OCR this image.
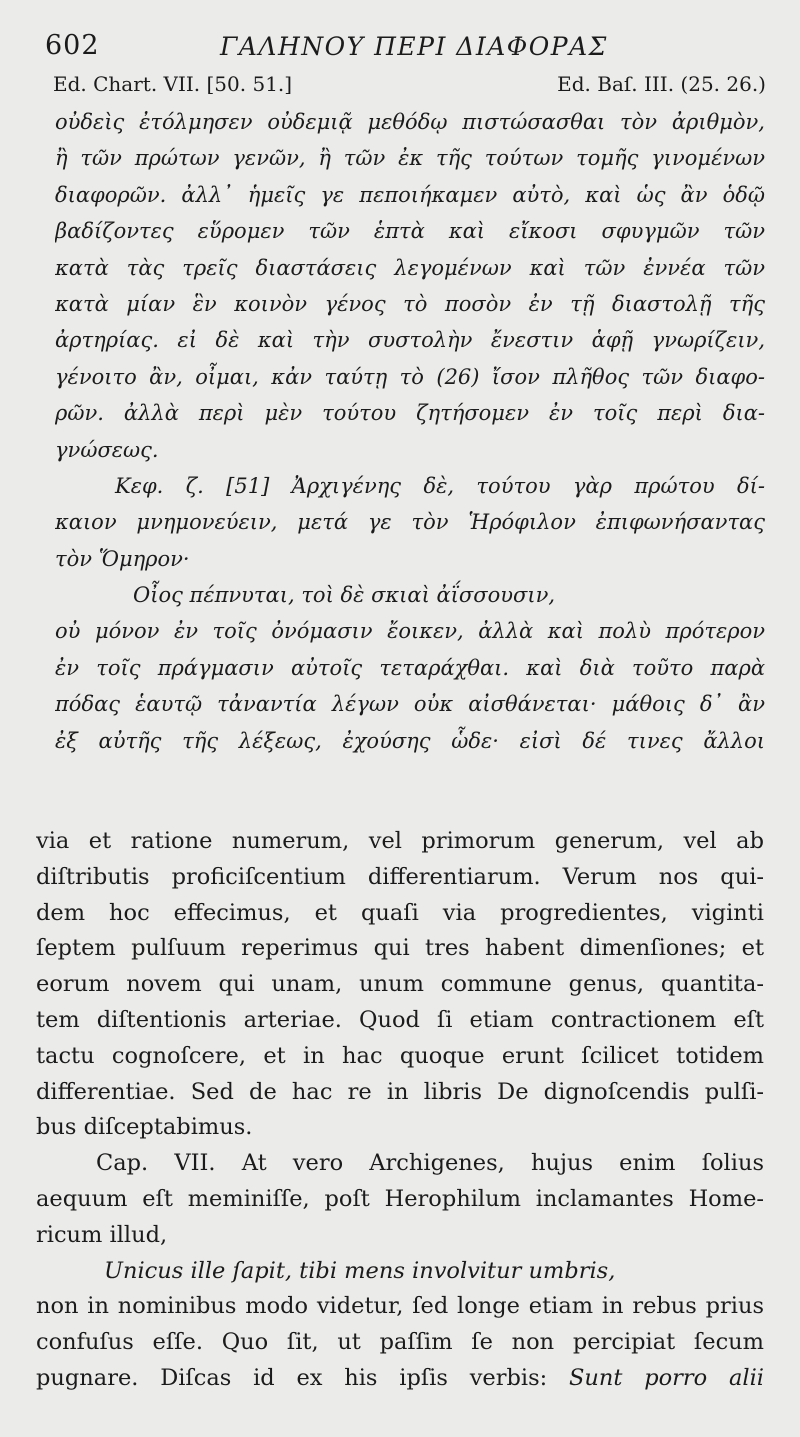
602	ΓΑΛΗΝΟΥ ΠΕΡΙ ΔΙΑΦΟΡΑΣ
Ed. Chart. VII. [50. 51.]	Ed. Baſ. III. (25. 26.)
οὐδεὶς ἐτόλμησεν οὐδεμιᾷ μεθόδῳ πιστώσασθαι τὸν ἀριθμὸν,
ἢ τῶν πρώτων γενῶν, ἢ τῶν ἐκ τῆς τούτων τομῆς γινομένων
διαφορῶν. ἀλλ᾽ ἡμεῖς γε πεποιήκαμεν αὐτὸ, καὶ ὡς ἂν ὁδῷ
βαδίζοντες εὕρομεν τῶν ἑπτὰ καὶ εἴκοσι σφυγμῶν τῶν
κατὰ τὰς τρεῖς διαστάσεις λεγομένων καὶ τῶν ἐννέα τῶν
κατὰ μίαν ἓν κοινὸν γένος τὸ ποσὸν ἐν τῇ διαστολῇ τῆς
ἀρτηρίας. εἰ δὲ καὶ τὴν συστολὴν ἔνεστιν ἁφῇ γνωρίζειν,
γένοιτο ἂν, οἶμαι, κἀν ταύτῃ τὸ (26) ἴσον πλῆθος τῶν διαφο-
ρῶν. ἀλλὰ περὶ μὲν τούτου ζητήσομεν ἐν τοῖς περὶ δια-
γνώσεως.
Κεφ. ζ. [51] Ἀρχιγένης δὲ, τούτου γὰρ πρώτου δί-
καιον μνημονεύειν, μετά γε τὸν Ἡρόφιλον ἐπιφωνήσαντας
τὸν Ὅμηρον·
Οἶος πέπνυται, τοὶ δὲ σκιαὶ ἀΐσσουσιν,
οὐ μόνον ἐν τοῖς ὀνόμασιν ἔοικεν, ἀλλὰ καὶ πολὺ πρότερον
ἐν τοῖς πράγμασιν αὐτοῖς τεταράχθαι. καὶ διὰ τοῦτο παρὰ
πόδας ἑαυτῷ τἀναντία λέγων οὐκ αἰσθάνεται· μάθοις δ᾽ ἂν
ἐξ αὐτῆς τῆς λέξεως, ἐχούσης ὧδε· εἰσὶ δέ τινες ἄλλοι
via et ratione numerum, vel primorum generum, vel ab
diſtributis proficiſcentium differentiarum. Verum nos qui-
dem hoc effecimus, et quaſi via progredientes, viginti
ſeptem pulſuum reperimus qui tres habent dimenſiones; et
eorum novem qui unam, unum commune genus, quantita-
tem diſtentionis arteriae. Quod ſi etiam contractionem eſt
tactu cognoſcere, et in hac quoque erunt ſcilicet totidem
differentiae. Sed de hac re in libris De dignoſcendis pulſi-
bus diſceptabimus.
Cap. VII. At vero Archigenes, hujus enim ſolius
aequum eſt meminiſſe, poſt Herophilum inclamantes Home-
ricum illud,
Unicus ille ſapit, tibi mens involvitur umbris,
non in nominibus modo videtur, ſed longe etiam in rebus prius
confuſus eſſe. Quo ſit, ut paſſim ſe non percipiat ſecum
pugnare. Diſcas id ex his ipſis verbis: Sunt porro alii
